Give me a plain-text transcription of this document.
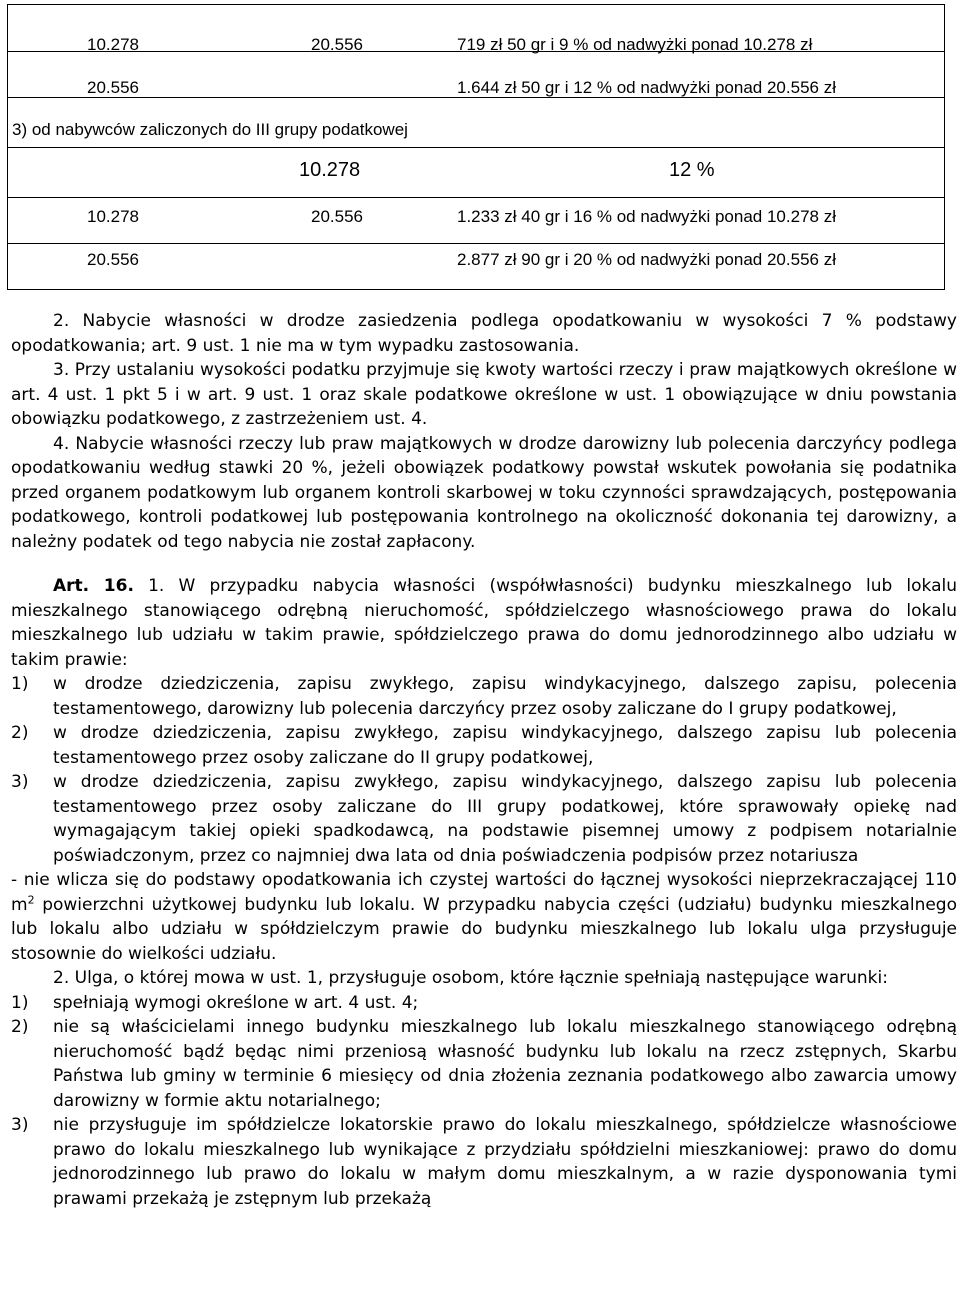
10.278	20.556	719 zł 50 gr i 9 % od nadwyżki ponad 10.278 zł
20.556	1.644 zł 50 gr i 12 % od nadwyżki ponad 20.556 zł
3) od nabywców zaliczonych do III grupy podatkowej
10.278	12 %
10.278	20.556	1.233 zł 40 gr i 16 % od nadwyżki ponad 10.278 zł
20.556	2.877 zł 90 gr i 20 % od nadwyżki ponad 20.556 zł

2. Nabycie własności w drodze zasiedzenia podlega opodatkowaniu w wysokości 7 % podstawy opodatkowania; art. 9 ust. 1 nie ma w tym wypadku zastosowania.

3. Przy ustalaniu wysokości podatku przyjmuje się kwoty wartości rzeczy i praw majątkowych określone w art. 4 ust. 1 pkt 5 i w art. 9 ust. 1 oraz skale podatkowe określone w ust. 1 obowiązujące w dniu powstania obowiązku podatkowego, z zastrzeżeniem ust. 4.

4. Nabycie własności rzeczy lub praw majątkowych w drodze darowizny lub polecenia darczyńcy podlega opodatkowaniu według stawki 20 %, jeżeli obowiązek podatkowy powstał wskutek powołania się podatnika przed organem podatkowym lub organem kontroli skarbowej w toku czynności sprawdzających, postępowania podatkowego, kontroli podatkowej lub postępowania kontrolnego na okoliczność dokonania tej darowizny, a należny podatek od tego nabycia nie został zapłacony.

Art. 16. 1. W przypadku nabycia własności (współwłasności) budynku mieszkalnego lub lokalu mieszkalnego stanowiącego odrębną nieruchomość, spółdzielczego własnościowego prawa do lokalu mieszkalnego lub udziału w takim prawie, spółdzielczego prawa do domu jednorodzinnego albo udziału w takim prawie:

1) w drodze dziedziczenia, zapisu zwykłego, zapisu windykacyjnego, dalszego zapisu, polecenia testamentowego, darowizny lub polecenia darczyńcy przez osoby zaliczane do I grupy podatkowej,
2) w drodze dziedziczenia, zapisu zwykłego, zapisu windykacyjnego, dalszego zapisu lub polecenia testamentowego przez osoby zaliczane do II grupy podatkowej,
3) w drodze dziedziczenia, zapisu zwykłego, zapisu windykacyjnego, dalszego zapisu lub polecenia testamentowego przez osoby zaliczane do III grupy podatkowej, które sprawowały opiekę nad wymagającym takiej opieki spadkodawcą, na podstawie pisemnej umowy z podpisem notarialnie poświadczonym, przez co najmniej dwa lata od dnia poświadczenia podpisów przez notariusza

- nie wlicza się do podstawy opodatkowania ich czystej wartości do łącznej wysokości nieprzekraczającej 110 $m^2$ powierzchni użytkowej budynku lub lokalu. W przypadku nabycia części (udziału) budynku mieszkalnego lub lokalu albo udziału w spółdzielczym prawie do budynku mieszkalnego lub lokalu ulga przysługuje stosownie do wielkości udziału.

2. Ulga, o której mowa w ust. 1, przysługuje osobom, które łącznie spełniają następujące warunki:

1) spełniają wymogi określone w art. 4 ust. 4;
2) nie są właścicielami innego budynku mieszkalnego lub lokalu mieszkalnego stanowiącego odrębną nieruchomość bądź będąc nimi przeniosą własność budynku lub lokalu na rzecz zstępnych, Skarbu Państwa lub gminy w terminie 6 miesięcy od dnia złożenia zeznania podatkowego albo zawarcia umowy darowizny w formie aktu notarialnego;
3) nie przysługuje im spółdzielcze lokatorskie prawo do lokalu mieszkalnego, spółdzielcze własnościowe prawo do lokalu mieszkalnego lub wynikające z przydziału spółdzielni mieszkaniowej: prawo do domu jednorodzinnego lub prawo do lokalu w małym domu mieszkalnym, a w razie dysponowania tymi prawami przekażą je zstępnym lub przekażą
